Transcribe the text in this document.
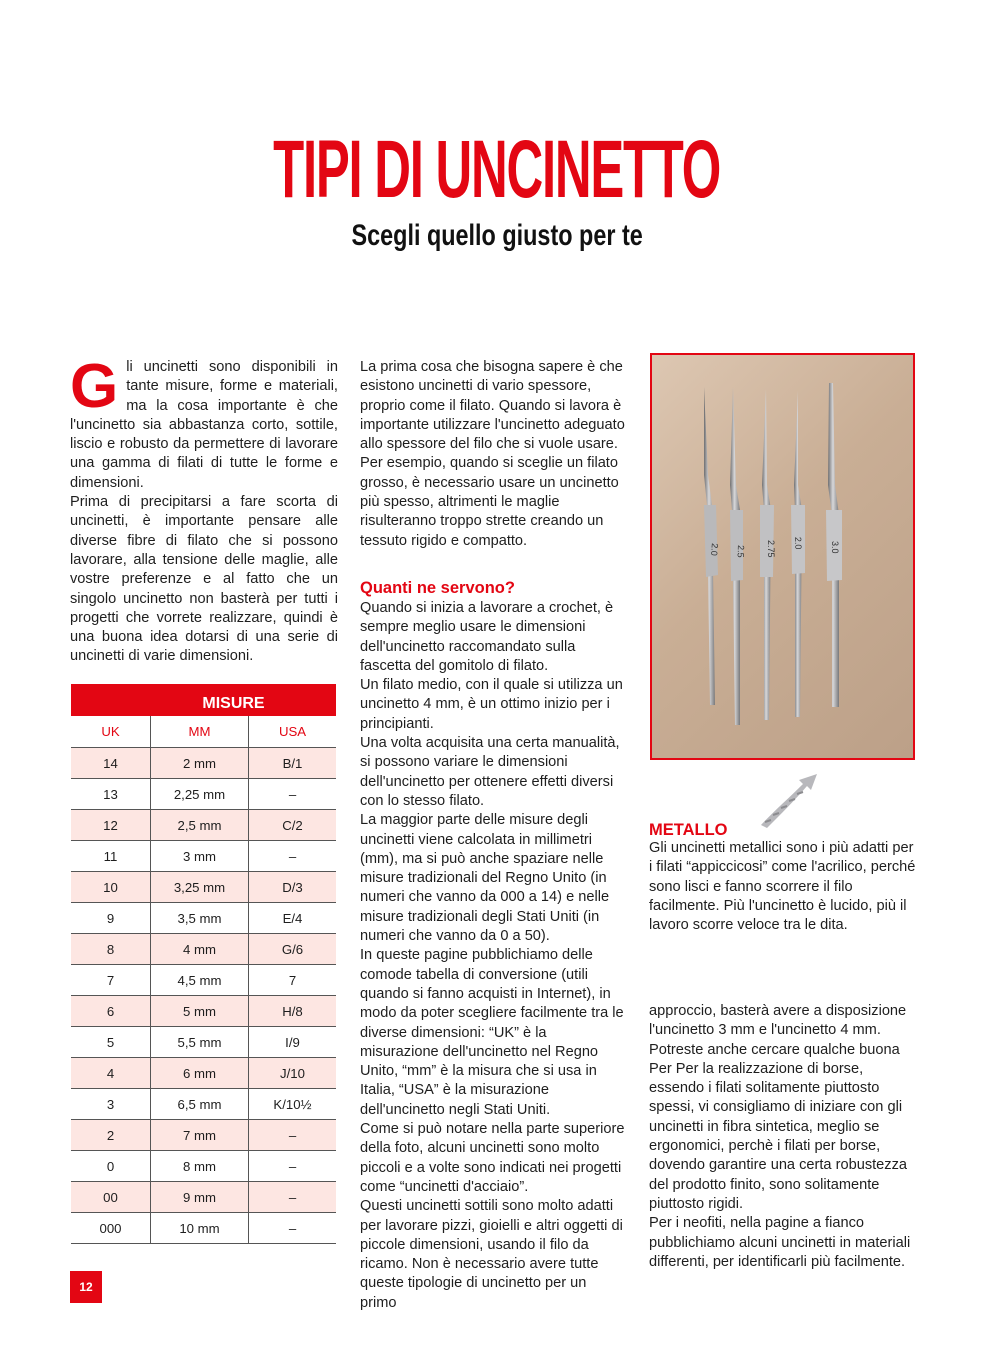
TIPI DI UNCINETTO
Scegli quello giusto per te
G li uncinetti sono disponibili in tante misure, forme e materiali, ma la cosa importante è che l'uncinetto sia abbastanza corto, sottile, liscio e robusto da permettere di lavorare una gamma di filati di tutte le forme e dimensioni.

Prima di precipitarsi a fare scorta di uncinetti, è importante pensare alle diverse fibre di filato che si possono lavorare, alla tensione delle maglie, alle vostre preferenze e al fatto che un singolo uncinetto non basterà per tutti i progetti che vorrete realizzare, quindi è una buona idea dotarsi di una serie di uncinetti di varie dimensioni.

MISURE
UK	MM	USA
14	2 mm	B/1
13	2,25 mm	–
12	2,5 mm	C/2
11	3 mm	–
10	3,25 mm	D/3
9	3,5 mm	E/4
8	4 mm	G/6
7	4,5 mm	7
6	5 mm	H/8
5	5,5 mm	I/9
4	6 mm	J/10
3	6,5 mm	K/10½
2	7 mm	–
0	8 mm	–
00	9 mm	–
000	10 mm	–

La prima cosa che bisogna sapere è che esistono uncinetti di vario spessore, proprio come il filato. Quando si lavora è importante utilizzare l'uncinetto adeguato allo spessore del filo che si vuole usare.

Per esempio, quando si sceglie un filato grosso, è necessario usare un uncinetto più spesso, altrimenti le maglie risulteranno troppo strette creando un tessuto rigido e compatto.

Quanti ne servono?

Quando si inizia a lavorare a crochet, è sempre meglio usare le dimensioni dell'uncinetto raccomandato sulla fascetta del gomitolo di filato.

Un filato medio, con il quale si utilizza un uncinetto 4 mm, è un ottimo inizio per i principianti.

Una volta acquisita una certa manualità, si possono variare le dimensioni dell'uncinetto per ottenere effetti diversi con lo stesso filato.

La maggior parte delle misure degli uncinetti viene calcolata in millimetri (mm), ma si può anche spaziare nelle misure tradizionali del Regno Unito (in numeri che vanno da 000 a 14) e nelle misure tradizionali degli Stati Uniti (in numeri che vanno da 0 a 50).

In queste pagine pubblichiamo delle comode tabella di conversione (utili quando si fanno acquisti in Internet), in modo da poter scegliere facilmente tra le diverse dimensioni: “UK” è la misurazione dell'uncinetto nel Regno Unito, “mm” è la misura che si usa in Italia, “USA” è la misurazione dell'uncinetto negli Stati Uniti.

Come si può notare nella parte superiore della foto, alcuni uncinetti sono molto piccoli e a volte sono indicati nei progetti come “uncinetti d'acciaio”.

Questi uncinetti sottili sono molto adatti per lavorare pizzi, gioielli e altri oggetti di piccole dimensioni, usando il filo da ricamo. Non è necessario avere tutte queste tipologie di uncinetto per un primo

2.0 2.5 2.75 2.0	3.0
METALLO

Gli uncinetti metallici sono i più adatti per i filati “appiccicosi” come l'acrilico, perché sono lisci e fanno scorrere il filo facilmente. Più l'uncinetto è lucido, più il lavoro scorre veloce tra le dita.

approccio, basterà avere a disposizione l'uncinetto 3 mm e l'uncinetto 4 mm.

Potreste anche cercare qualche buona Per Per la realizzazione di borse, essendo i filati solitamente piuttosto spessi, vi consigliamo di iniziare con gli uncinetti in fibra sintetica, meglio se ergonomici, perchè i filati per borse, dovendo garantire una certa robustezza del prodotto finito, sono solitamente piuttosto rigidi.

Per i neofiti, nella pagine a fianco pubblichiamo alcuni uncinetti in materiali differenti, per identificarli più facilmente.

12
